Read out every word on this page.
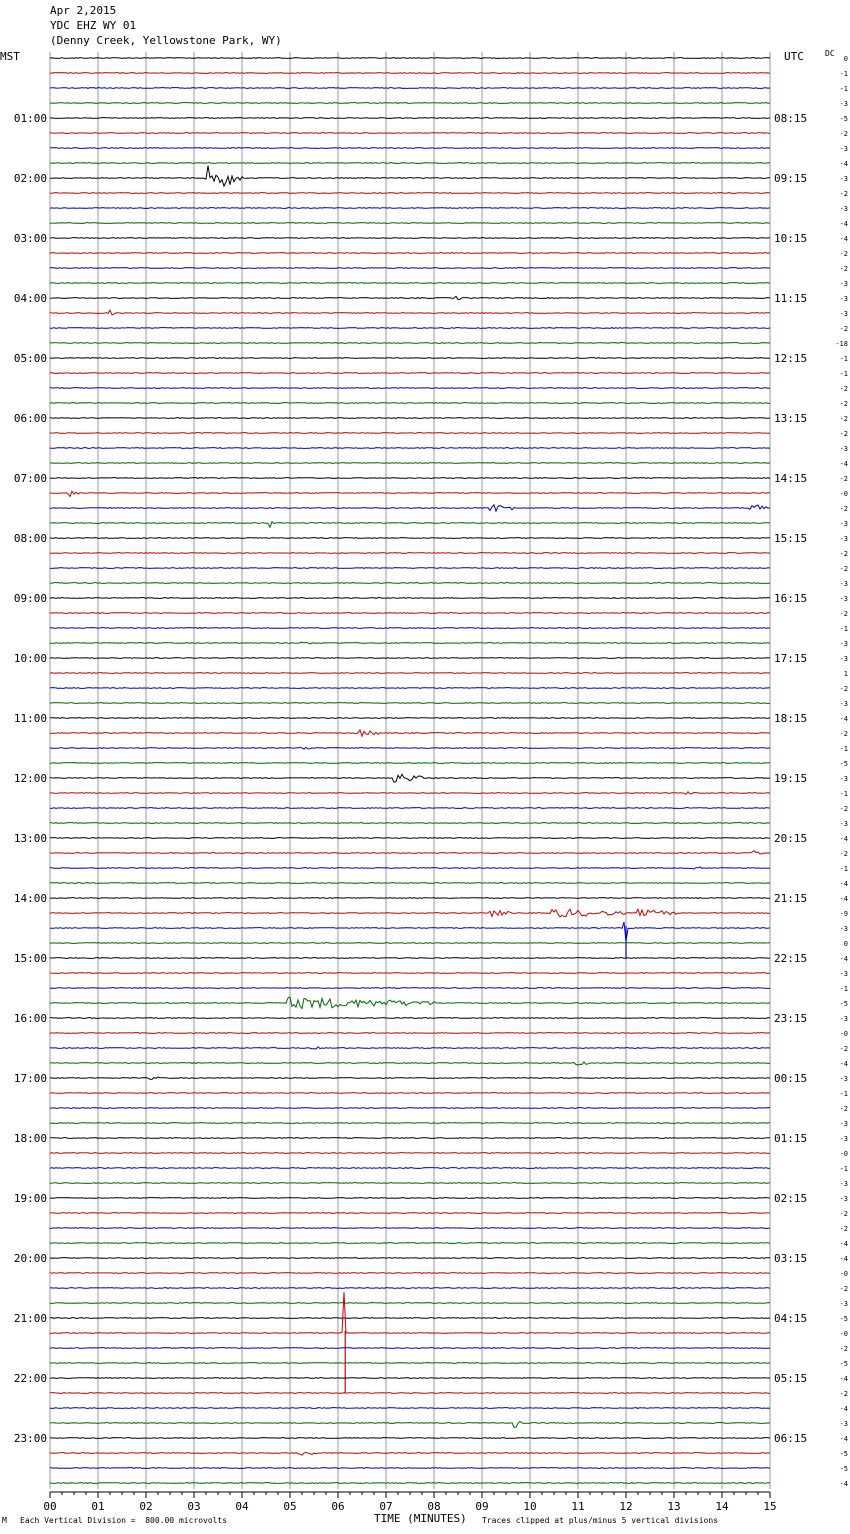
Apr 2,2015
YDC EHZ WY 01
(Denny Creek, Yellowstone Park, WY)
MST	UTC	DC
0
-1
-1
-3
-5
-2
-3
-4
-3
-2
-3
-4
-4
-2
-2
-3
-3
-3
-2
-18
-1
-1
-2
-2
-2
-2
-3
-4
-2
-0
-2
-3
-3
-2
-2
-3
-3
-2
-1
-3
-3
1
-2
-3
-4
-2
-1
-5
-3
-1
-2
-3
-4
-2
-1
-4
-4
-9
-3
0
-4
-3
-1
-5
-3
-0
-2
-4
-3
-1
-2
-3
-3
-0
-1
-3
-3
-2
-2
-4
-4
-0
-2
-3
-5
-0
-2
-5
-4
-2
-4
-3
-4
-5
-5
-4
01:00
02:00
03:00
04:00
05:00
06:00
07:00
08:00
09:00
10:00
11:00
12:00
13:00
14:00
15:00
16:00
17:00
18:00
19:00
20:00
21:00
22:00
23:00
08:15
09:15
10:15
11:15
12:15
13:15
14:15
15:15
16:15
17:15
18:15
19:15
20:15
21:15
22:15
23:15
00:15
01:15
02:15
03:15
04:15
05:15
06:15
00	01	02	03	04	05	06	07	08	09	10	11	12	13	14	15
M Each Vertical Division =  800.00 microvolts	TIME (MINUTES) Traces clipped at plus/minus 5 vertical divisions
